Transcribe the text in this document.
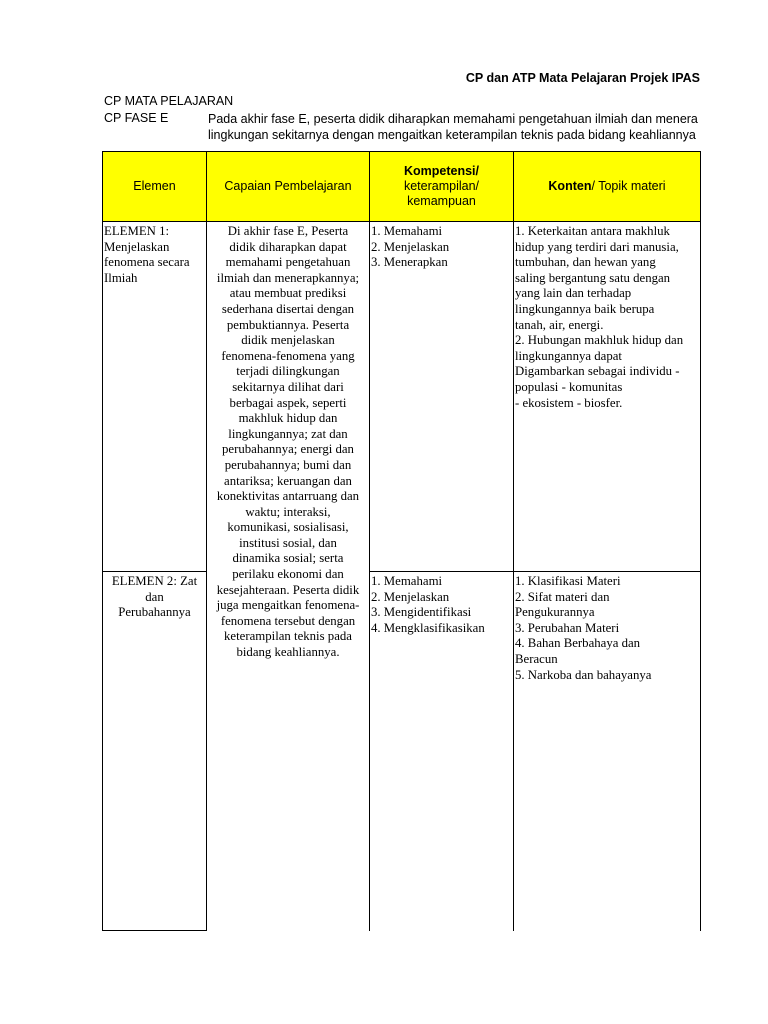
CP dan ATP Mata Pelajaran Projek IPAS
CP MATA PELAJARAN
CP FASE E	Pada akhir fase E, peserta didik diharapkan memahami pengetahuan ilmiah dan menera
lingkungan sekitarnya dengan mengaitkan keterampilan teknis pada bidang keahliannya
Elemen	Capaian Pembelajaran
Kompetensi/
keterampilan/
kemampuan
Konten/ Topik materi
ELEMEN 1:
Menjelaskan
fenomena secara
Ilmiah
Di akhir fase E, Peserta
didik diharapkan dapat
memahami pengetahuan
ilmiah dan menerapkannya;
atau membuat prediksi
sederhana disertai dengan
pembuktiannya. Peserta
didik menjelaskan
fenomena-fenomena yang
terjadi dilingkungan
sekitarnya dilihat dari
berbagai aspek, seperti
makhluk hidup dan
lingkungannya; zat dan
perubahannya; energi dan
perubahannya; bumi dan
antariksa; keruangan dan
konektivitas antarruang dan
waktu; interaksi,
komunikasi, sosialisasi,
institusi sosial, dan
dinamika sosial; serta
perilaku ekonomi dan
kesejahteraan. Peserta didik
juga mengaitkan fenomena-
fenomena tersebut dengan
keterampilan teknis pada
bidang keahliannya.
1. Memahami
2. Menjelaskan
3. Menerapkan
1. Keterkaitan antara makhluk
hidup yang terdiri dari manusia,
tumbuhan, dan hewan yang
saling bergantung satu dengan
yang lain dan terhadap
lingkungannya baik berupa
tanah, air, energi.
2. Hubungan makhluk hidup dan
lingkungannya dapat
Digambarkan sebagai individu -
populasi - komunitas
- ekosistem - biosfer.
ELEMEN 2: Zat
dan
Perubahannya
1. Memahami
2. Menjelaskan
3. Mengidentifikasi
4. Mengklasifikasikan
1. Klasifikasi Materi
2. Sifat materi dan
Pengukurannya
3. Perubahan Materi
4. Bahan Berbahaya dan
Beracun
5. Narkoba dan bahayanya
